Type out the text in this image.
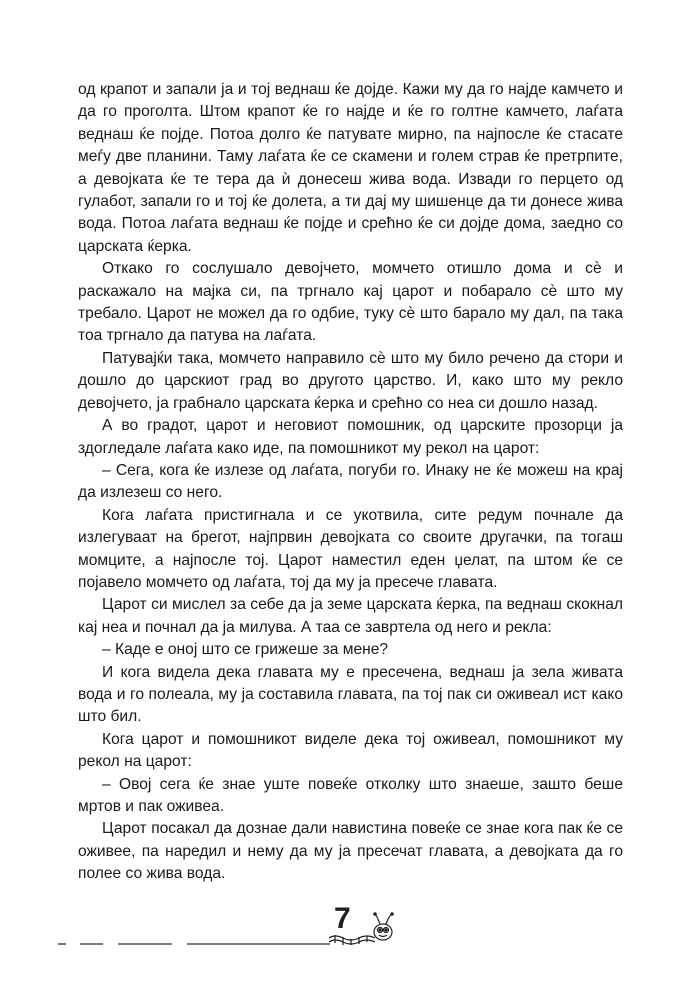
од крапот и запали ја и тој веднаш ќе дојде. Кажи му да го најде камчето и да го проголта. Штом крапот ќе го најде и ќе го голтне камчето, лаѓата веднаш ќе појде. Потоа долго ќе патувате мирно, па најпосле ќе стасате меѓу две планини. Таму лаѓата ќе се скамени и голем страв ќе претрпите, а девојката ќе те тера да ѝ донесеш жива вода. Извади го перцето од гулабот, запали го и тој ќе долета, а ти дај му шишенце да ти донесе жива вода. Потоа лаѓата веднаш ќе појде и срећно ќе си дојде дома, заедно со царската ќерка.

Откако го сослушало девојчето, момчето отишло дома и сѐ и раскажало на мајка си, па тргнало кај царот и побарало сѐ што му требало. Царот не можел да го одбие, туку сѐ што барало му дал, па така тоа тргнало да патува на лаѓата.

Патувајќи така, момчето направило сѐ што му било речено да стори и дошло до царскиот град во другото царство. И, како што му рекло девојчето, ја грабнало царската ќерка и срећно со неа си дошло назад.

А во градот, царот и неговиот помошник, од царските прозорци ја здогледале лаѓата како иде, па помошникот му рекол на царот:

– Сега, кога ќе излезе од лаѓата, погуби го. Инаку не ќе можеш на крај да излезеш со него.

Кога лаѓата пристигнала и се укотвила, сите редум почнале да излегуваат на брегот, најпрвин девојката со своите другачки, па тогаш момците, а најпосле тој. Царот наместил еден џелат, па штом ќе се појавело момчето од лаѓата, тој да му ја пресече главата.

Царот си мислел за себе да ја земе царската ќерка, па веднаш скокнал кај неа и почнал да ја милува. А таа се завртела од него и рекла:

– Каде е оној што се грижеше за мене?

И кога видела дека главата му е пресечена, веднаш ја зела живата вода и го полеала, му ја составила главата, па тој пак си оживеал ист како што бил.

Кога царот и помошникот виделе дека тој оживеал, помошникот му рекол на царот:

– Овој сега ќе знае уште повеќе отколку што знаеше, зашто беше мртов и пак оживеа.

Царот посакал да дознае дали навистина повеќе се знае кога пак ќе се оживее, па наредил и нему да му ја пресечат главата, а девојката да го полее со жива вода.

7
